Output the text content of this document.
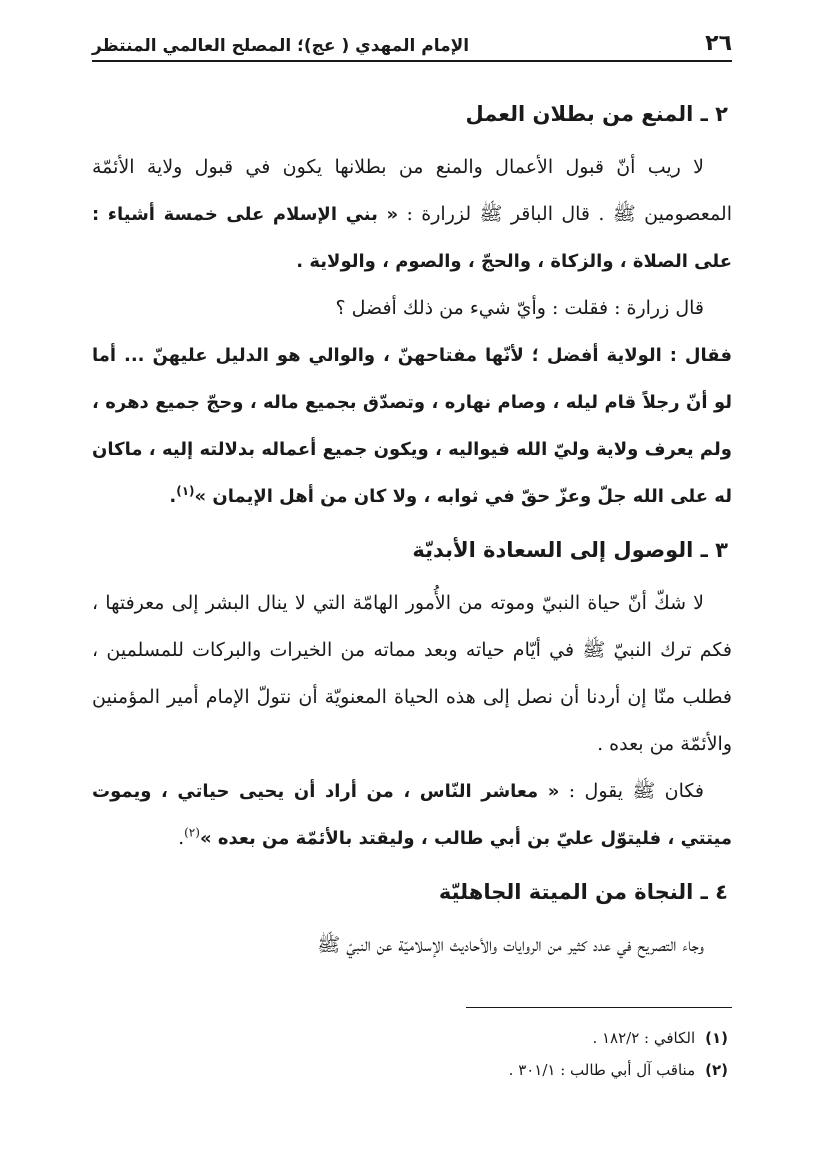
٢٦
الإمام المهدي ( عج)؛ المصلح العالمي المنتظر
٢ ـ المنع من بطلان العمل

لا ريب أنّ قبول الأعمال والمنع من بطلانها يكون في قبول ولاية الأئمّة المعصومين ﷺ . قال الباقر ﷺ لزرارة : « بني الإسلام على خمسة أشياء : على الصلاة ، والزكاة ، والحجّ ، والصوم ، والولاية .

قال زرارة : فقلت : وأيّ شيء من ذلك أفضل ؟

فقال : الولاية أفضل ؛ لأنّها مفتاحهنّ ، والوالي هو الدليل عليهنّ ... أما لو أنّ رجلاً قام ليله ، وصام نهاره ، وتصدّق بجميع ماله ، وحجّ جميع دهره ، ولم يعرف ولاية وليّ الله فيواليه ، ويكون جميع أعماله بدلالته إليه ، ماكان له على الله جلّ وعزّ حقّ في ثوابه ، ولا كان من أهل الإيمان »$^{(١)}$.

٣ ـ الوصول إلى السعادة الأبديّة

لا شكّ أنّ حياة النبيّ وموته من الأُمور الهامّة التي لا ينال البشر إلى معرفتها ، فكم ترك النبيّ ﷺ في أيّام حياته وبعد مماته من الخيرات والبركات للمسلمين ، فطلب منّا إن أردنا أن نصل إلى هذه الحياة المعنويّة أن نتولّ الإمام أمير المؤمنين والأئمّة من بعده .

فكان ﷺ يقول : « معاشر النّاس ، من أراد أن يحيى حياتي ، ويموت ميتتي ، فليتوّل عليّ بن أبي طالب ، وليقتد بالأئمّة من بعده »$^{(٢)}$.

٤ ـ النجاة من الميتة الجاهليّة

وجاء التصريح في عدد كثير من الروايات والأحاديث الإسلاميّة عن النبيّ ﷺ

(١)الكافي : ١٨٢/٢ .

(٢)مناقب آل أبي طالب : ٣٠١/١ .
